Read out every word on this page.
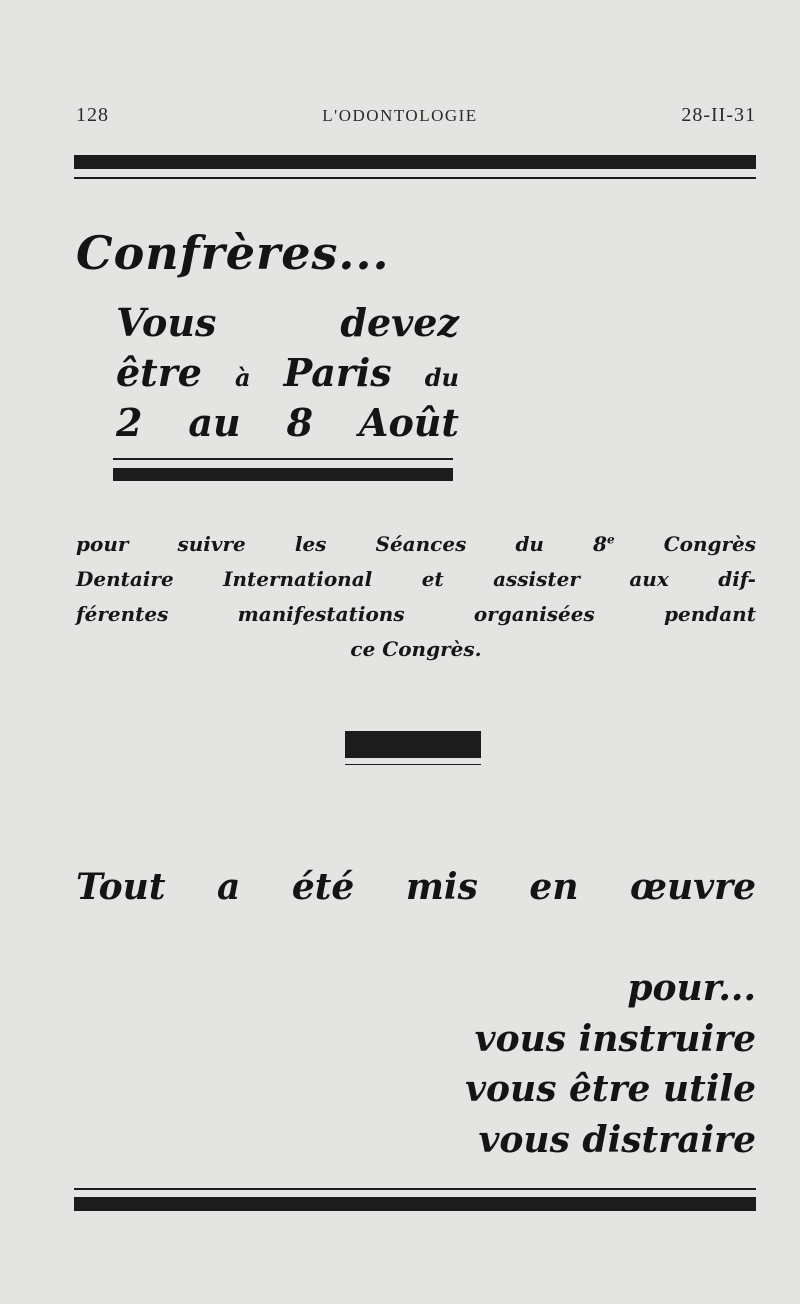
128	L'ODONTOLOGIE	28-II-31
Confrères...
Vous	devez
être à Paris du
2 au 8 Août
pour suivre les Séances du 8e Congrès
Dentaire International et assister aux dif-
férentes	manifestations	organisées	pendant
ce Congrès.
Tout a été mis en œuvre
pour...
vous instruire
vous être utile
vous distraire
